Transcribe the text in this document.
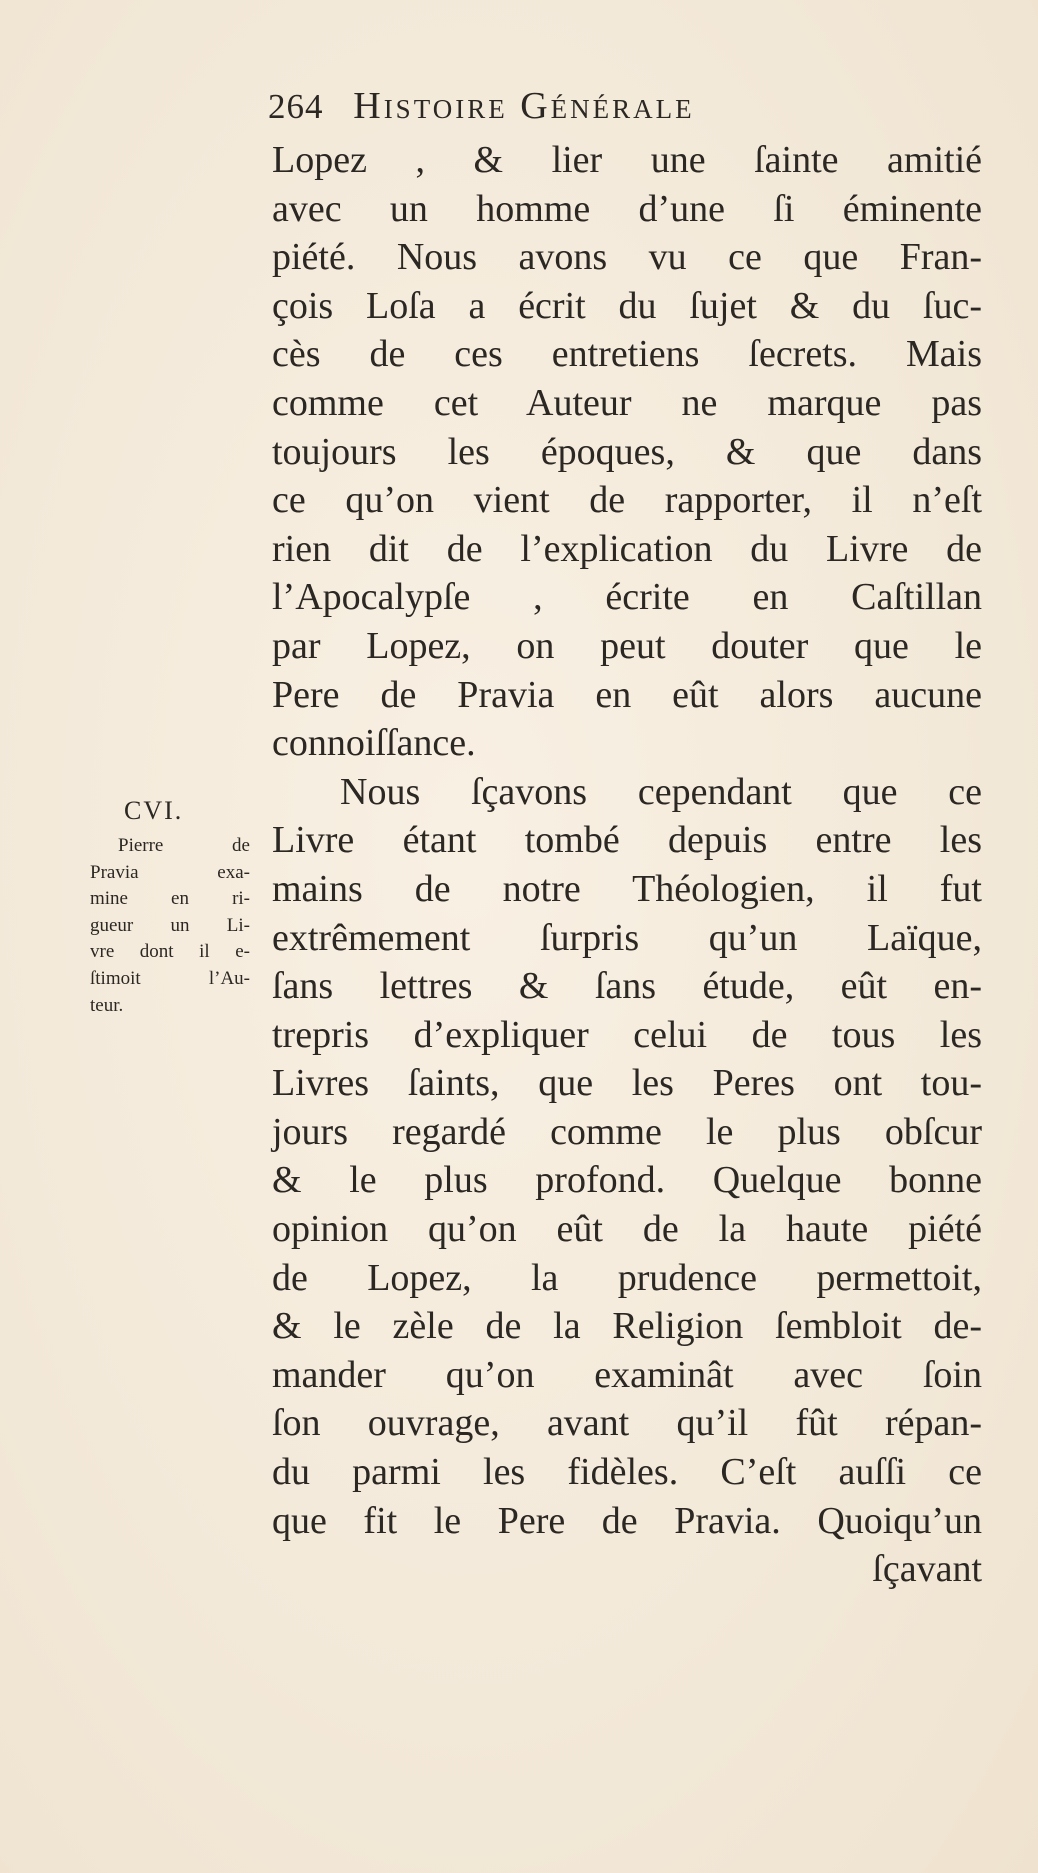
264 Histoire Générale
Lopez , & lier une ſainte amitié
avec un homme d’une ſi éminente
piété. Nous avons vu ce que Fran-
çois Loſa a écrit du ſujet & du ſuc-
cès de ces entretiens ſecrets. Mais
comme cet Auteur ne marque pas
toujours les époques, & que dans
ce qu’on vient de rapporter, il n’eſt
rien dit de l’explication du Livre de
l’Apocalypſe , écrite en Caſtillan
par Lopez, on peut douter que le
Pere de Pravia en eût alors aucune
connoiſſance.
Nous ſçavons cependant que ce
Livre étant tombé depuis entre les
mains de notre Théologien, il fut
extrêmement ſurpris qu’un Laïque,
ſans lettres & ſans étude, eût en-
trepris d’expliquer celui de tous les
Livres ſaints, que les Peres ont tou-
jours regardé comme le plus obſcur
& le plus profond. Quelque bonne
opinion qu’on eût de la haute piété
de Lopez, la prudence permettoit,
& le zèle de la Religion ſembloit de-
mander qu’on examinât avec ſoin
ſon ouvrage, avant qu’il fût répan-
du parmi les fidèles. C’eſt auſſi ce
que fit le Pere de Pravia. Quoiqu’un
ſçavant
CVI.
Pierre de
Pravia exa-
mine en ri-
gueur un Li-
vre dont il e-
ſtimoit l’Au-
teur.
